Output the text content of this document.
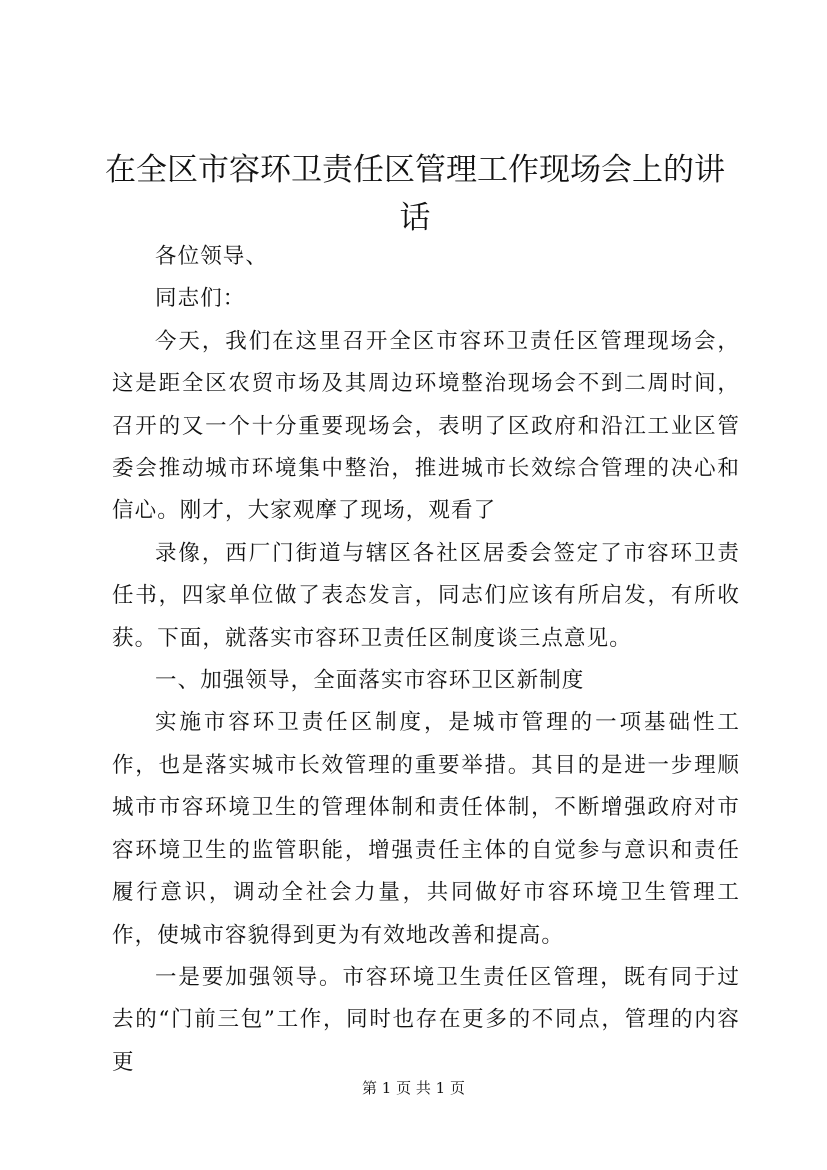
在全区市容环卫责任区管理工作现场会上的讲话

各位领导、

同志们：

今天，我们在这里召开全区市容环卫责任区管理现场会，这是距全区农贸市场及其周边环境整治现场会不到二周时间，召开的又一个十分重要现场会，表明了区政府和沿江工业区管委会推动城市环境集中整治，推进城市长效综合管理的决心和信心。刚才，大家观摩了现场，观看了

录像，西厂门街道与辖区各社区居委会签定了市容环卫责任书，四家单位做了表态发言，同志们应该有所启发，有所收获。下面，就落实市容环卫责任区制度谈三点意见。

一、加强领导，全面落实市容环卫区新制度

实施市容环卫责任区制度，是城市管理的一项基础性工作，也是落实城市长效管理的重要举措。其目的是进一步理顺城市市容环境卫生的管理体制和责任体制，不断增强政府对市容环境卫生的监管职能，增强责任主体的自觉参与意识和责任履行意识，调动全社会力量，共同做好市容环境卫生管理工作，使城市容貌得到更为有效地改善和提高。

一是要加强领导。市容环境卫生责任区管理，既有同于过去的“门前三包”工作，同时也存在更多的不同点，管理的内容更

第 1 页 共 1 页
